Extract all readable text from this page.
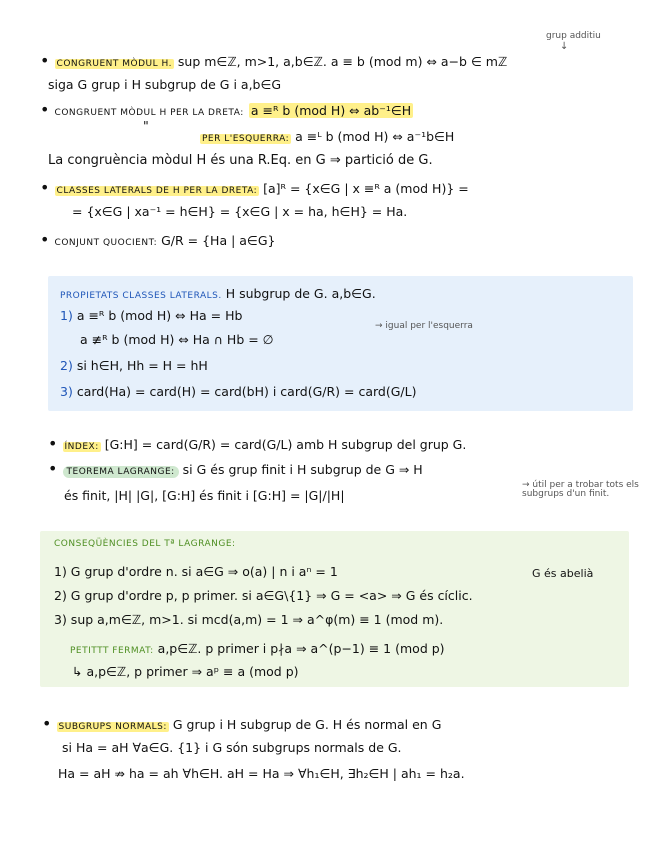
grup additiu
↓
• CONGRUENT MÒDUL H. sup m∈ℤ, m>1, a,b∈ℤ. a ≡ b (mod m) ⇔ a−b ∈ mℤ
siga G grup i H subgrup de G i a,b∈G
• CONGRUENT MÒDUL H PER LA DRETA: a ≡ᴿ b (mod H) ⇔ ab⁻¹∈H
"
PER L'ESQUERRA: a ≡ᴸ b (mod H) ⇔ a⁻¹b∈H
La congruència mòdul H és una R.Eq. en G ⇒ partició de G.
• CLASSES LATERALS DE H PER LA DRETA: [a]ᴿ = {x∈G | x ≡ᴿ a (mod H)} =
= {x∈G | xa⁻¹ = h∈H} = {x∈G | x = ha, h∈H} = Ha.
• CONJUNT QUOCIENT: G/R = {Ha | a∈G}
PROPIETATS CLASSES LATERALS. H subgrup de G. a,b∈G.
1) a ≡ᴿ b (mod H) ⇔ Ha = Hb
a ≢ᴿ b (mod H) ⇔ Ha ∩ Hb = ∅
→ igual per l'esquerra
2) si h∈H, Hh = H = hH
3) card(Ha) = card(H) = card(bH) i card(G/R) = card(G/L)
• ÍNDEX: [G:H] = card(G/R) = card(G/L) amb H subgrup del grup G.
• TEOREMA LAGRANGE: si G és grup finit i H subgrup de G ⇒ H
és finit, |H| |G|, [G:H] és finit i [G:H] = |G|/|H|
→ útil per a trobar tots els subgrups d'un finit.
CONSEQÜÈNCIES DEL Tª LAGRANGE:
1) G grup d'ordre n. si a∈G ⇒ o(a) | n i aⁿ = 1	G és abelià
2) G grup d'ordre p, p primer. si a∈G\{1} ⇒ G = <a> ⇒ G és cíclic.
3) sup a,m∈ℤ, m>1. si mcd(a,m) = 1 ⇒ a^φ(m) ≡ 1 (mod m).
PETITTT FERMAT: a,p∈ℤ. p primer i p∤a ⇒ a^(p−1) ≡ 1 (mod p)
↳ a,p∈ℤ, p primer ⇒ aᵖ ≡ a (mod p)
• SUBGRUPS NORMALS: G grup i H subgrup de G. H és normal en G
si Ha = aH ∀a∈G. {1} i G són subgrups normals de G.
Ha = aH ⇏ ha = ah ∀h∈H. aH = Ha ⇒ ∀h₁∈H, ∃h₂∈H | ah₁ = h₂a.
